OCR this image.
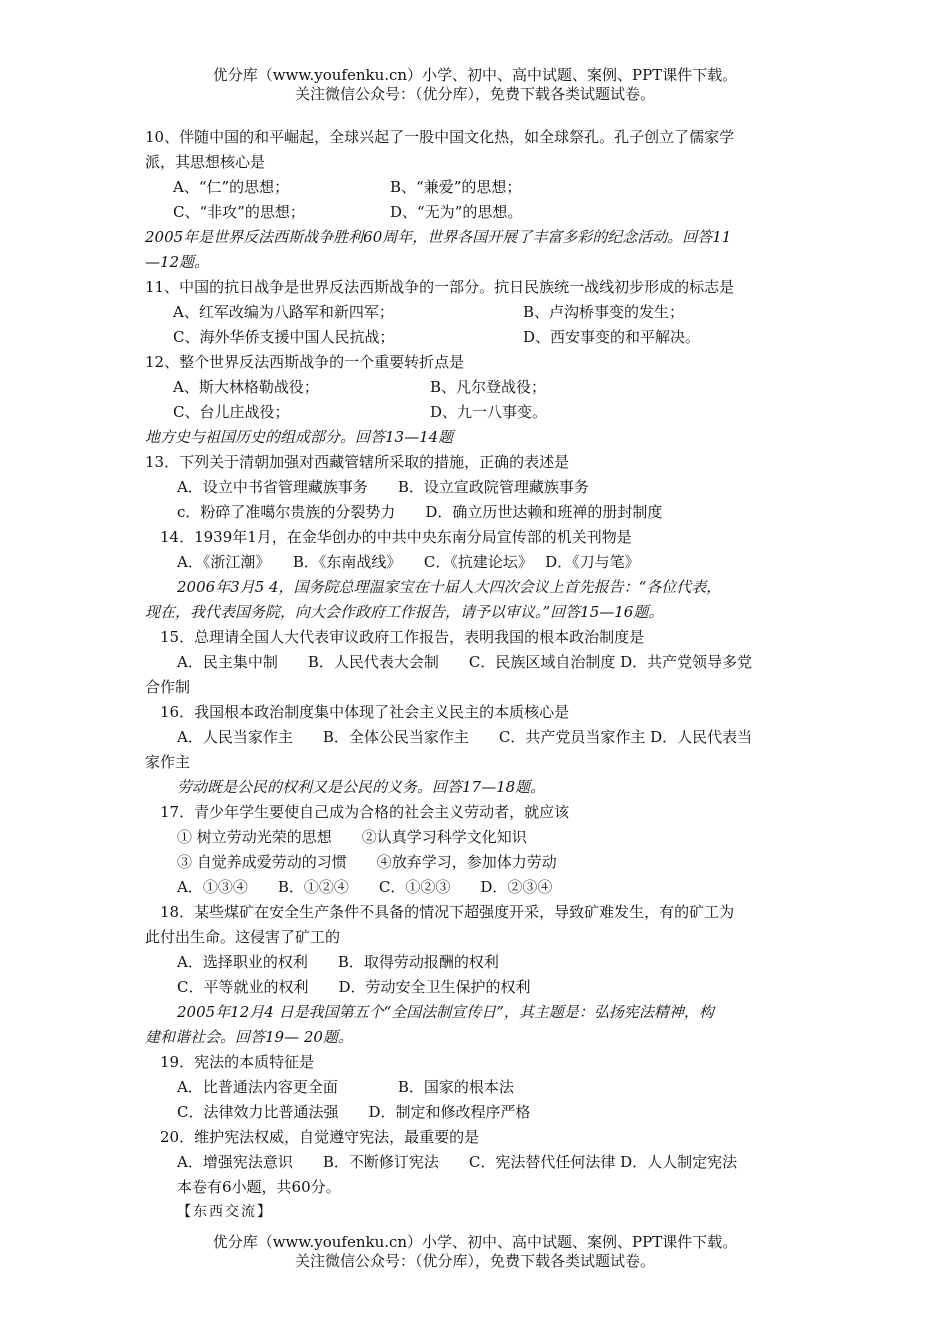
优分库（www.youfenku.cn）小学、初中、高中试题、案例、PPT课件下载。
关注微信公众号：（优分库），免费下载各类试题试卷。
10、伴随中国的和平崛起，全球兴起了一股中国文化热，如全球祭孔。孔子创立了儒家学
派，其思想核心是
A、“仁”的思想；	B、“兼爱”的思想；
C、“非攻”的思想；	D、“无为”的思想。
2005年是世界反法西斯战争胜利60周年，世界各国开展了丰富多彩的纪念活动。回答11
—12题。
11、中国的抗日战争是世界反法西斯战争的一部分。抗日民族统一战线初步形成的标志是
A、红军改编为八路军和新四军；	B、卢沟桥事变的发生；
C、海外华侨支援中国人民抗战；	D、西安事变的和平解决。
12、整个世界反法西斯战争的一个重要转折点是
A、斯大林格勒战役；	B、凡尔登战役；
C、台儿庄战役；	D、九一八事变。
地方史与祖国历史的组成部分。回答13—14题
13．下列关于清朝加强对西藏管辖所采取的措施，正确的表述是
A．设立中书省管理藏族事务　　B．设立宣政院管理藏族事务
c．粉碎了准噶尔贵族的分裂势力　　D．确立历世达赖和班禅的册封制度
14．1939年1月，在金华创办的中共中央东南分局宣传部的机关刊物是
A．《浙江潮》　　B．《东南战线》　　C．《抗建论坛》　 D．《刀与笔》
2006年3月5 4，国务院总理温家宝在十届人大四次会议上首先报告：“各位代表，
现在，我代表国务院，向大会作政府工作报告，请予以审议。”回答15—16题。
15．总理请全国人大代表审议政府工作报告，表明我国的根本政治制度是
A．民主集中制　　B．人民代表大会制　　C．民族区域自治制度 D．共产党领导多党
合作制
16．我国根本政治制度集中体现了社会主义民主的本质核心是
A．人民当家作主　　B．全体公民当家作主　　C．共产党员当家作主 D．人民代表当
家作主
劳动既是公民的权利又是公民的义务。回答17—18题。
17．青少年学生要使自己成为合格的社会主义劳动者，就应该
① 树立劳动光荣的思想　　②认真学习科学文化知识
③ 自觉养成爱劳动的习惯　　④放弃学习，参加体力劳动
A．①③④　　B．①②④　　C．①②③　　D．②③④
18．某些煤矿在安全生产条件不具备的情况下超强度开采，导致矿难发生，有的矿工为
此付出生命。这侵害了矿工的
A．选择职业的权利　　B．取得劳动报酬的权利
C．平等就业的权利　　D．劳动安全卫生保护的权利
2005年12月4 日是我国第五个“全国法制宣传日”，其主题是：弘扬宪法精神，构
建和谐社会。回答19— 20题。
19．宪法的本质特征是
A．比普通法内容更全面　　　　B．国家的根本法
C．法律效力比普通法强　　D．制定和修改程序严格
20．维护宪法权威，自觉遵守宪法，最重要的是
A．增强宪法意识　　B．不断修订宪法　　C．宪法替代任何法律 D．人人制定宪法
本卷有6小题，共60分。
【东西交流】
优分库（www.youfenku.cn）小学、初中、高中试题、案例、PPT课件下载。
关注微信公众号：（优分库），免费下载各类试题试卷。
